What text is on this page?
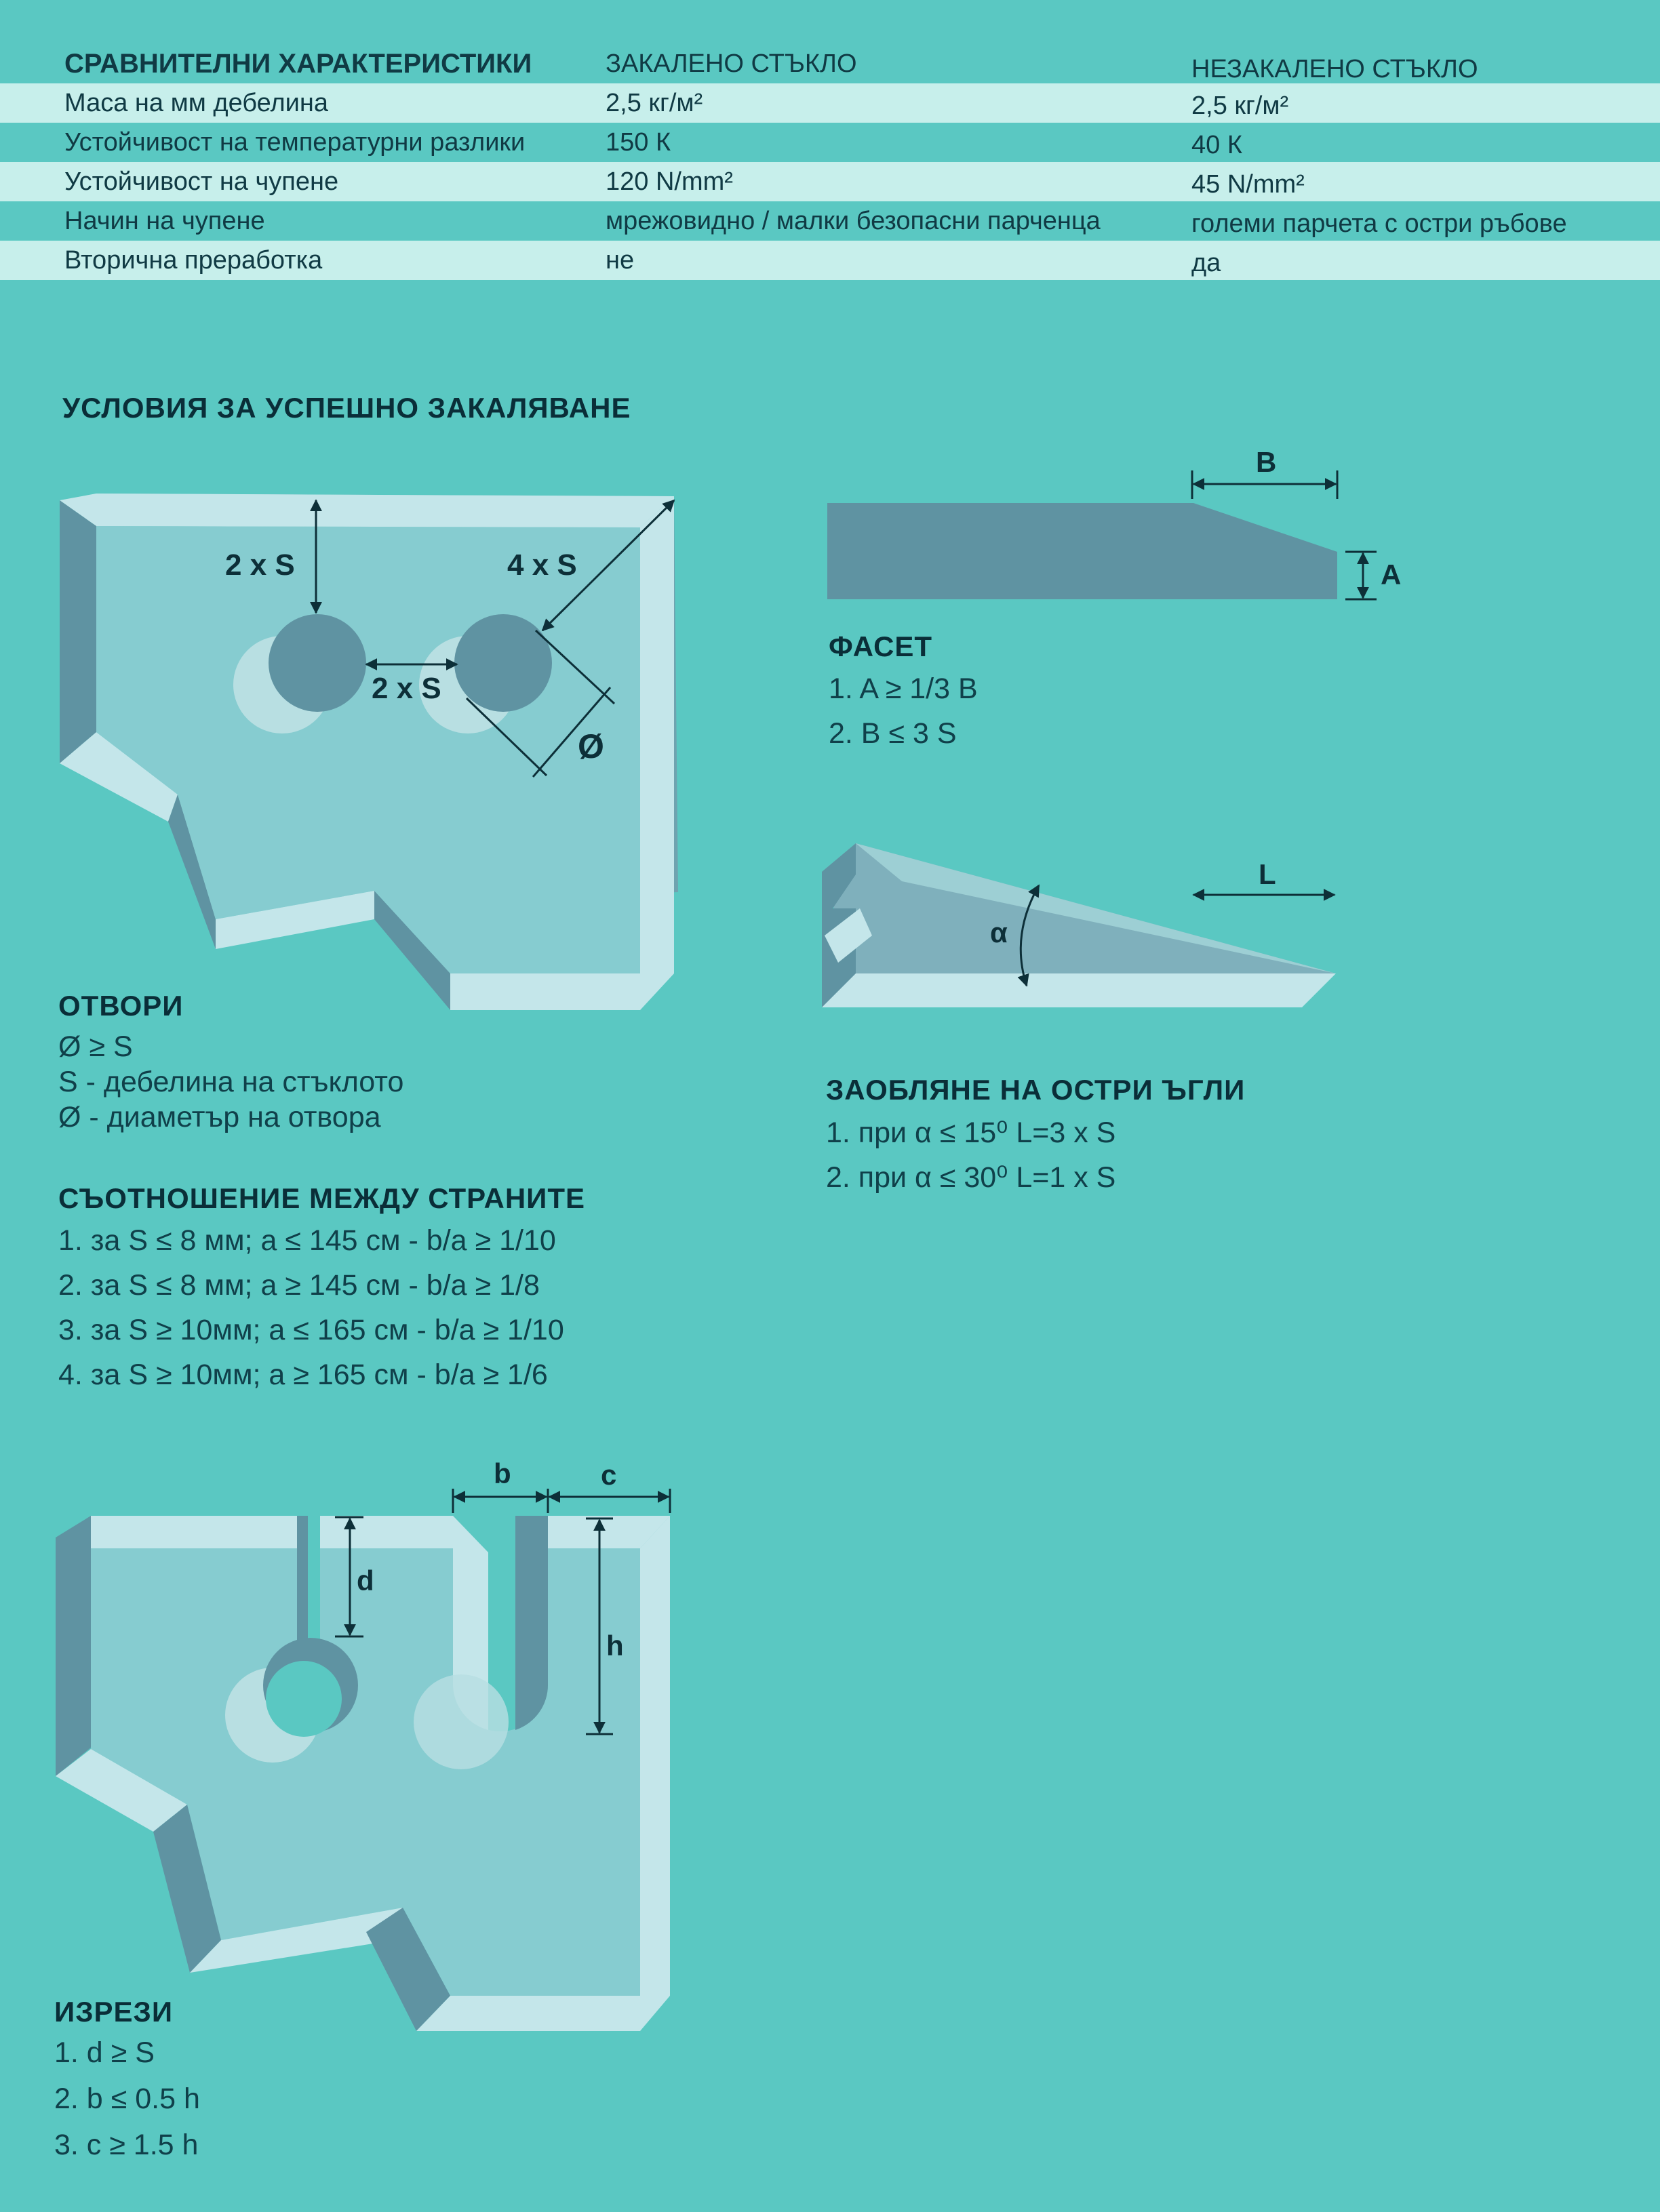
СРАВНИТЕЛНИ ХАРАКТЕРИСТИКИ	ЗАКАЛЕНО СТЪКЛО	НЕЗАКАЛЕНО СТЪКЛО
Маса на мм дебелина	2,5 кг/м²	2,5 кг/м²
Устойчивост на температурни разлики	150 К	40 К
Устойчивост на чупене	120 N/mm²	45 N/mm²
Начин на чупене	мрежовидно / малки безопасни парченца	големи парчета с остри ръбове
Вторична преработка	не	да
УСЛОВИЯ ЗА УСПЕШНО ЗАКАЛЯВАНЕ
2 x S
2 x S
4 x S
Ø
ОТВОРИ
Ø ≥ S
S - дебелина на стъклото
Ø - диаметър на отвора
СЪОТНОШЕНИЕ МЕЖДУ СТРАНИТЕ
1. за S ≤ 8 мм; a ≤ 145 см - b/a ≥ 1/10
2. за S ≤ 8 мм; a ≥ 145 см - b/a ≥ 1/8
3. за S ≥ 10мм; a ≤ 165 см - b/a ≥ 1/10
4. за S ≥ 10мм; a ≥ 165 см - b/a ≥ 1/6
B
A
L
α
ФАСЕТ
1. A ≥ 1/3 B
2. B ≤ 3 S
ЗАОБЛЯНЕ НА ОСТРИ ЪГЛИ
1. при α ≤ 15⁰ L=3 x S
2. при α ≤ 30⁰ L=1 x S
b	c
d
h
ИЗРЕЗИ
1. d ≥ S
2. b ≤ 0.5 h
3. c ≥ 1.5 h
